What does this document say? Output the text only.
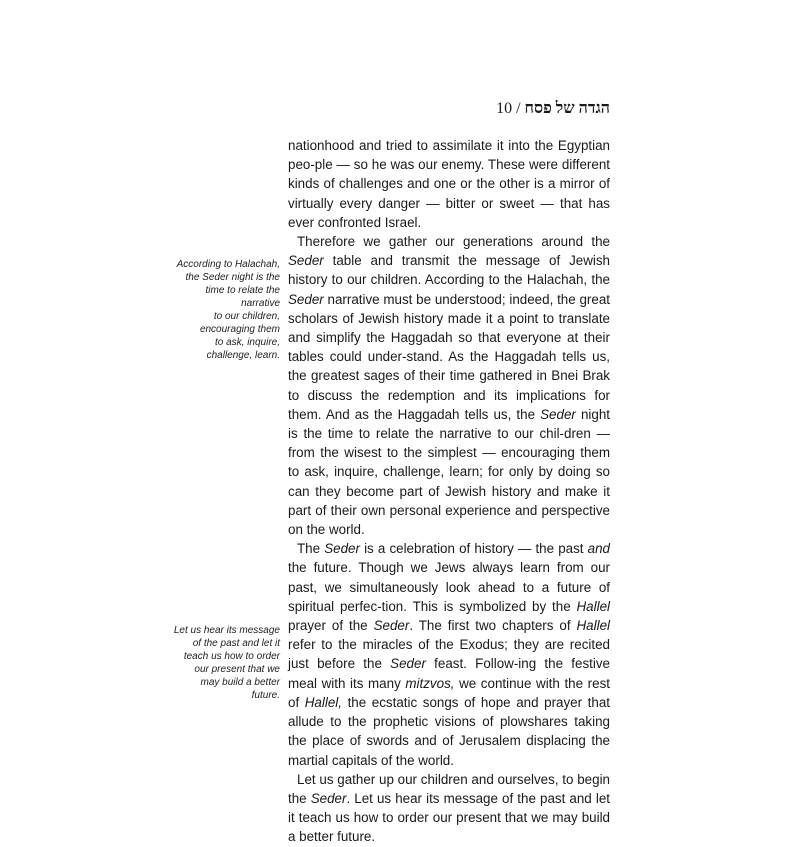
10 / הגדה של פסח

nationhood and tried to assimilate it into the Egyptian peo-ple — so he was our enemy. These were different kinds of challenges and one or the other is a mirror of virtually every danger — bitter or sweet — that has ever confronted Israel.

Therefore we gather our generations around the Seder table and transmit the message of Jewish history to our children. According to the Halachah, the Seder narrative must be understood; indeed, the great scholars of Jewish history made it a point to translate and simplify the Haggadah so that everyone at their tables could under-stand. As the Haggadah tells us, the greatest sages of their time gathered in Bnei Brak to discuss the redemption and its implications for them. And as the Haggadah tells us, the Seder night is the time to relate the narrative to our chil-dren — from the wisest to the simplest — encouraging them to ask, inquire, challenge, learn; for only by doing so can they become part of Jewish history and make it part of their own personal experience and perspective on the world.

The Seder is a celebration of history — the past and the future. Though we Jews always learn from our past, we simultaneously look ahead to a future of spiritual perfec-tion. This is symbolized by the Hallel prayer of the Seder. The first two chapters of Hallel refer to the miracles of the Exodus; they are recited just before the Seder feast. Follow-ing the festive meal with its many mitzvos, we continue with the rest of Hallel, the ecstatic songs of hope and prayer that allude to the prophetic visions of plowshares taking the place of swords and of Jerusalem displacing the martial capitals of the world.

Let us gather up our children and ourselves, to begin the Seder. Let us hear its message of the past and let it teach us how to order our present that we may build a better future.

According to Halachah,
the Seder night is the
time to relate the
narrative
to our children,
encouraging them
to ask, inquire,
challenge, learn.
Let us hear its message
of the past and let it
teach us how to order
our present that we
may build a better
future.
